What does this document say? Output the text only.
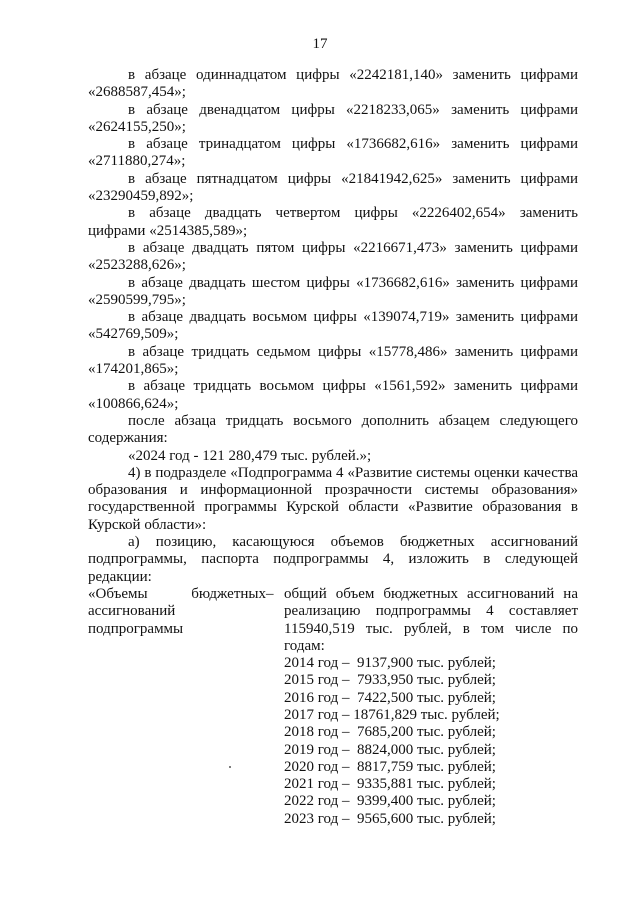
17

в абзаце одиннадцатом цифры «2242181,140» заменить цифрами

«2688587,454»;

в абзаце двенадцатом цифры «2218233,065» заменить цифрами

«2624155,250»;

в абзаце тринадцатом цифры «1736682,616» заменить цифрами

«2711880,274»;

в абзаце пятнадцатом цифры «21841942,625» заменить цифрами

«23290459,892»;

в абзаце двадцать четвертом цифры «2226402,654» заменить

цифрами «2514385,589»;

в абзаце двадцать пятом цифры «2216671,473» заменить цифрами

«2523288,626»;

в абзаце двадцать шестом цифры «1736682,616» заменить цифрами

«2590599,795»;

в абзаце двадцать восьмом цифры «139074,719» заменить цифрами

«542769,509»;

в абзаце тридцать седьмом цифры «15778,486» заменить цифрами

«174201,865»;

в абзаце тридцать восьмом цифры «1561,592» заменить цифрами

«100866,624»;

после абзаца тридцать восьмого дополнить абзацем следующего

содержания:

«2024 год - 121 280,479 тыс. рублей.»;

4) в подразделе «Подпрограмма 4 «Развитие системы оценки качества образования и информационной прозрачности системы образования» государственной программы Курской области «Развитие образования в Курской области»:

а) позицию, касающуюся объемов бюджетных ассигнований подпрограммы, паспорта подпрограммы 4, изложить в следующей редакции:

«Объемы бюджетных ассигнований подпрограммы
– общий объем бюджетных ассигнований на реализацию подпрограммы 4 составляет 115940,519 тыс. рублей, в том числе по годам:

2014 год –  9137,900 тыс. рублей;
2015 год –  7933,950 тыс. рублей;
2016 год –  7422,500 тыс. рублей;
2017 год – 18761,829 тыс. рублей;
2018 год –  7685,200 тыс. рублей;
2019 год –  8824,000 тыс. рублей;
2020 год –  8817,759 тыс. рублей;
2021 год –  9335,881 тыс. рублей;
2022 год –  9399,400 тыс. рублей;
2023 год –  9565,600 тыс. рублей;
